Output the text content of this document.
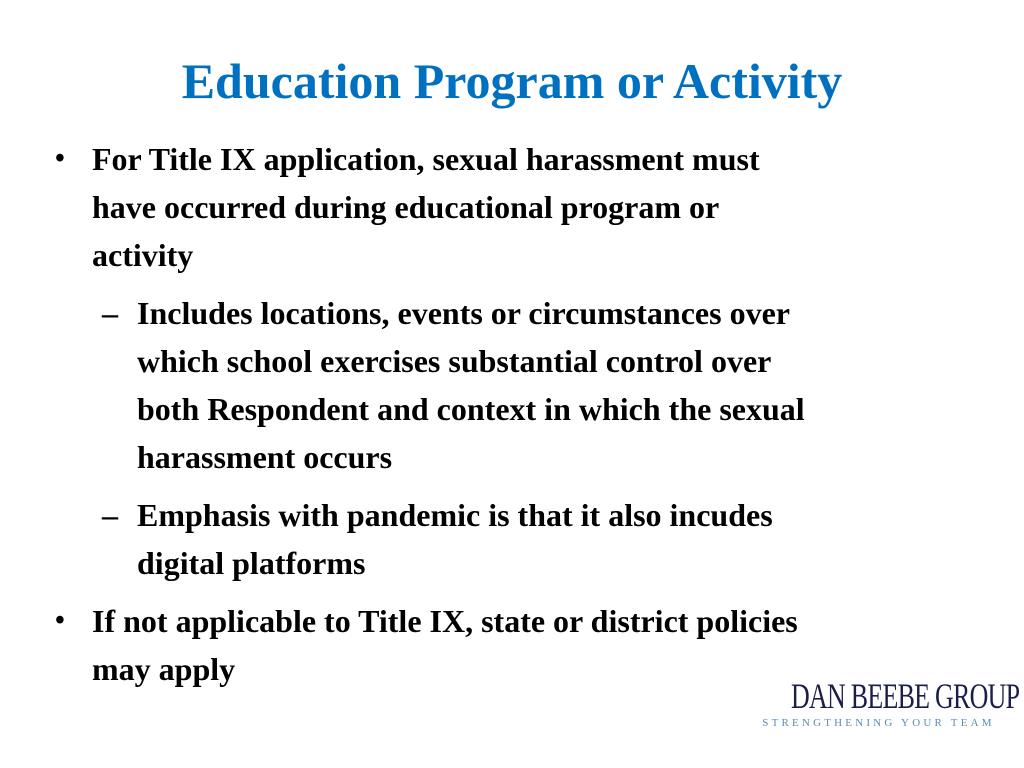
Education Program or Activity
• For Title IX application, sexual harassment must
have occurred during educational program or
activity
– Includes locations, events or circumstances over
which school exercises substantial control over
both Respondent and context in which the sexual
harassment occurs
– Emphasis with pandemic is that it also incudes
digital platforms
• If not applicable to Title IX, state or district policies
may apply
DAN BEEBE GROUP
STRENGTHENING YOUR TEAM
